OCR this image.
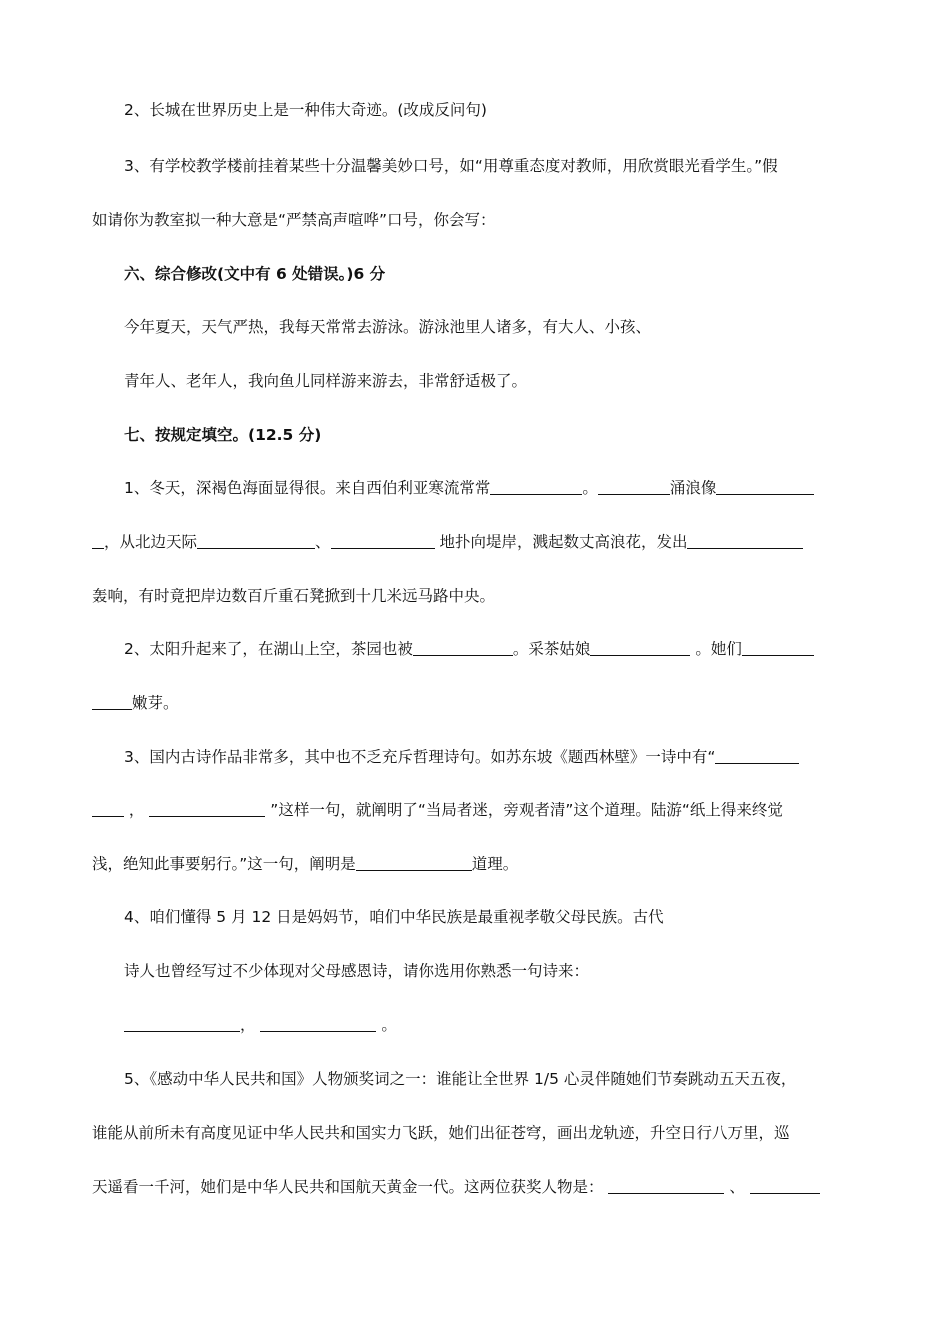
2、长城在世界历史上是一种伟大奇迹。(改成反问句)
3、有学校教学楼前挂着某些十分温馨美妙口号，如“用尊重态度对教师，用欣赏眼光看学生。”假
如请你为教室拟一种大意是“严禁高声喧哗”口号，你会写：
六、综合修改(文中有 6 处错误。)6 分
今年夏天，天气严热，我每天常常去游泳。游泳池里人诸多，有大人、小孩、
青年人、老年人，我向鱼儿同样游来游去，非常舒适极了。
七、按规定填空。(12.5 分)
1、冬天，深褐色海面显得很。来自西伯利亚寒流常常	。	涌浪像
，从北边天际	、	地扑向堤岸，溅起数丈高浪花，发出
轰响，有时竟把岸边数百斤重石凳掀到十几米远马路中央。
2、太阳升起来了，在湖山上空，茶园也被	。采茶姑娘	。她们
嫩芽。
3、国内古诗作品非常多，其中也不乏充斥哲理诗句。如苏东坡《题西林壁》一诗中有“
，	”这样一句，就阐明了“当局者迷，旁观者清”这个道理。陆游“纸上得来终觉
浅，绝知此事要躬行。”这一句，阐明是	道理。
4、咱们懂得 5 月 12 日是妈妈节，咱们中华民族是最重视孝敬父母民族。古代
诗人也曾经写过不少体现对父母感恩诗，请你选用你熟悉一句诗来：
，	。
5、《感动中华人民共和国》人物颁奖词之一：谁能让全世界 1/5 心灵伴随她们节奏跳动五天五夜，
谁能从前所未有高度见证中华人民共和国实力飞跃，她们出征苍穹，画出龙轨迹，升空日行八万里，巡
天遥看一千河，她们是中华人民共和国航天黄金一代。这两位获奖人物是：	、
